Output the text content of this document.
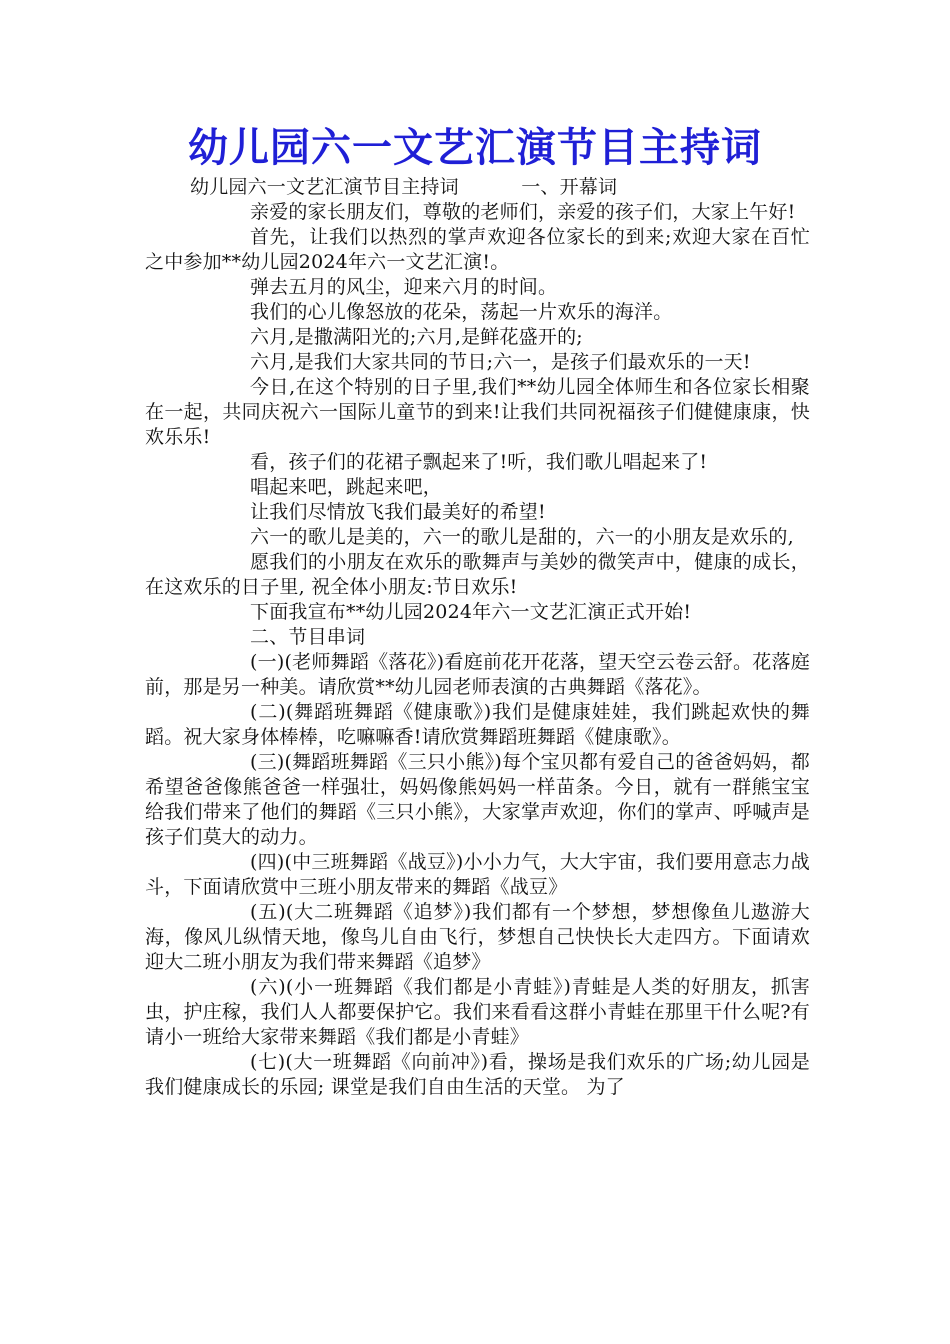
幼儿园六一文艺汇演节目主持词

幼儿园六一文艺汇演节目主持词          一、开幕词

亲爱的家长朋友们，尊敬的老师们，亲爱的孩子们，大家上午好!

首先，让我们以热烈的掌声欢迎各位家长的到来;欢迎大家在百忙之中参加**幼儿园2024年六一文艺汇演!。

弹去五月的风尘，迎来六月的时间。

我们的心儿像怒放的花朵，荡起一片欢乐的海洋。

六月,是撒满阳光的;六月,是鲜花盛开的;

六月,是我们大家共同的节日;六一，是孩子们最欢乐的一天!

今日,在这个特别的日子里,我们**幼儿园全体师生和各位家长相聚在一起，共同庆祝六一国际儿童节的到来!让我们共同祝福孩子们健健康康，快欢乐乐!

看，孩子们的花裙子飘起来了!听，我们歌儿唱起来了!

唱起来吧，跳起来吧，

让我们尽情放飞我们最美好的希望!

六一的歌儿是美的，六一的歌儿是甜的，六一的小朋友是欢乐的,

愿我们的小朋友在欢乐的歌舞声与美妙的微笑声中，健康的成长，在这欢乐的日子里, 祝全体小朋友:节日欢乐!

下面我宣布**幼儿园2024年六一文艺汇演正式开始!

二、节目串词

(一)(老师舞蹈《落花》)看庭前花开花落，望天空云卷云舒。花落庭前，那是另一种美。请欣赏**幼儿园老师表演的古典舞蹈《落花》。

(二)(舞蹈班舞蹈《健康歌》)我们是健康娃娃，我们跳起欢快的舞蹈。祝大家身体棒棒，吃嘛嘛香!请欣赏舞蹈班舞蹈《健康歌》。

(三)(舞蹈班舞蹈《三只小熊》)每个宝贝都有爱自己的爸爸妈妈，都希望爸爸像熊爸爸一样强壮，妈妈像熊妈妈一样苗条。今日，就有一群熊宝宝给我们带来了他们的舞蹈《三只小熊》，大家掌声欢迎，你们的掌声、呼喊声是孩子们莫大的动力。

(四)(中三班舞蹈《战豆》)小小力气，大大宇宙，我们要用意志力战斗，下面请欣赏中三班小朋友带来的舞蹈《战豆》

(五)(大二班舞蹈《追梦》)我们都有一个梦想，梦想像鱼儿遨游大海，像风儿纵情天地，像鸟儿自由飞行，梦想自己快快长大走四方。下面请欢迎大二班小朋友为我们带来舞蹈《追梦》

(六)(小一班舞蹈《我们都是小青蛙》)青蛙是人类的好朋友，抓害虫，护庄稼，我们人人都要保护它。我们来看看这群小青蛙在那里干什么呢?有请小一班给大家带来舞蹈《我们都是小青蛙》

(七)(大一班舞蹈《向前冲》)看，操场是我们欢乐的广场;幼儿园是我们健康成长的乐园; 课堂是我们自由生活的天堂。 为了
